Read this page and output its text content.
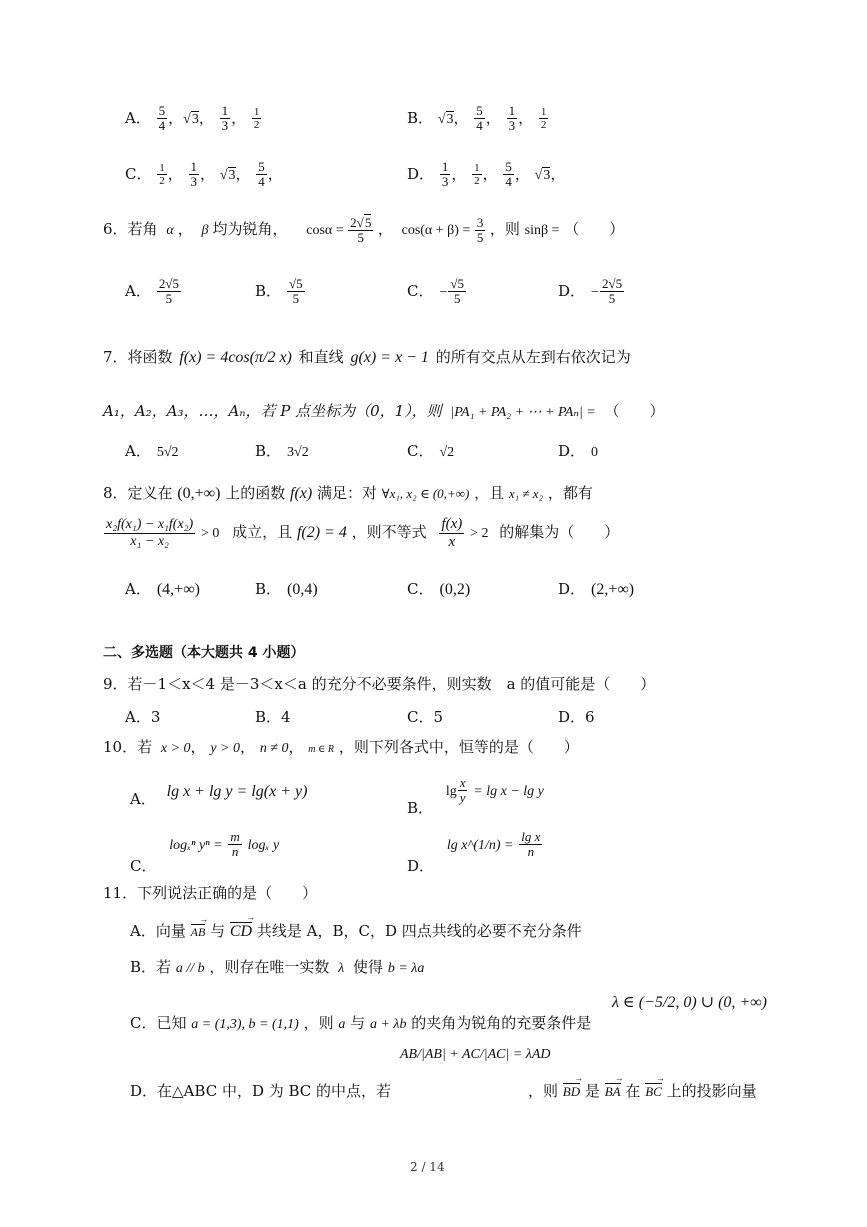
A． $\frac{5}{4}$ ，√3， $\frac{1}{3}$ ， $\frac{1}{2}$	B． √3， $\frac{5}{4}$ ， $\frac{1}{3}$ ， $\frac{1}{2}$
C． $\frac{1}{2}$ ， $\frac{1}{3}$ ， √3， $\frac{5}{4}$ ，	D． $\frac{1}{3}$ ， $\frac{1}{2}$ ， $\frac{5}{4}$ ， √3，
6．若角 α ， β 均为锐角， $\cos\alpha = \frac{2√5}{5}$ ， $\cos(\alpha + \beta) = \frac{3}{5}$ ，则 sinβ = （　　）
A． $\frac{2√5}{5}$	B． $\frac{√5}{5}$	C． − $\frac{√5}{5}$	D． − $\frac{2√5}{5}$
7．将函数 f(x) = 4cos(π/2 x) 和直线 g(x) = x − 1 的所有交点从左到右依次记为
A₁，A₂，A₃，…，Aₙ，若 P 点坐标为（0，1），则 |PA₁ + PA₂ + ⋯ + PAₙ| = （　　）
A． 5√2	B． 3√2	C． √2	D． 0
8．定义在 (0,+∞) 上的函数 f(x) 满足：对 ∀x₁, x₂ ∈ (0,+∞) ，且 x₁ ≠ x₂ ，都有
$\frac{\text{x₂f(x₁) − x₁f(x₂)}}{\text{x₁ − x₂}} > 0$ 成立，且 f(2) = 4 ，则不等式 $\frac{f(x)}{x} > 2$ 的解集为（　　）
A． (4,+∞)	B． (0,4)	C． (0,2)	D． (2,+∞)
二、多选题（本大题共 4 小题）
9．若－1＜x＜4 是－3＜x＜a 的充分不必要条件，则实数　a 的值可能是（　　）
A．3	B．4	C．5	D．6
10．若 x > 0， y > 0， n ≠ 0， m ∈ R ，则下列各式中，恒等的是（　　）
A． lg x + lg y = lg(x + y)
B． $\lg \frac{x}{y} = \lg x - \lg y$
C． logₓⁿ $y^n = \frac{m}{n}$ logₓ y
D． lg x^(1/n) = $\frac{\text{lg x}}{n}$
11．下列说法正确的是（　　）
A．向量 AB → 与 CD → 共线是 A，B，C，D 四点共线的必要不充分条件
B．若 a // b ，则存在唯一实数 λ 使得 b = λa
C．已知 a = (1,3), b = (1,1) ，则 a 与 a + λb 的夹角为锐角的充要条件是
λ ∈ (−5/2, 0) ∪ (0, +∞)
D．在△ABC 中，D 为 BC 的中点，若
AB/|AB| + AC/|AC| = λAD
，则 BD → 是 BA → 在 BC → 上的投影向量
2 / 14
